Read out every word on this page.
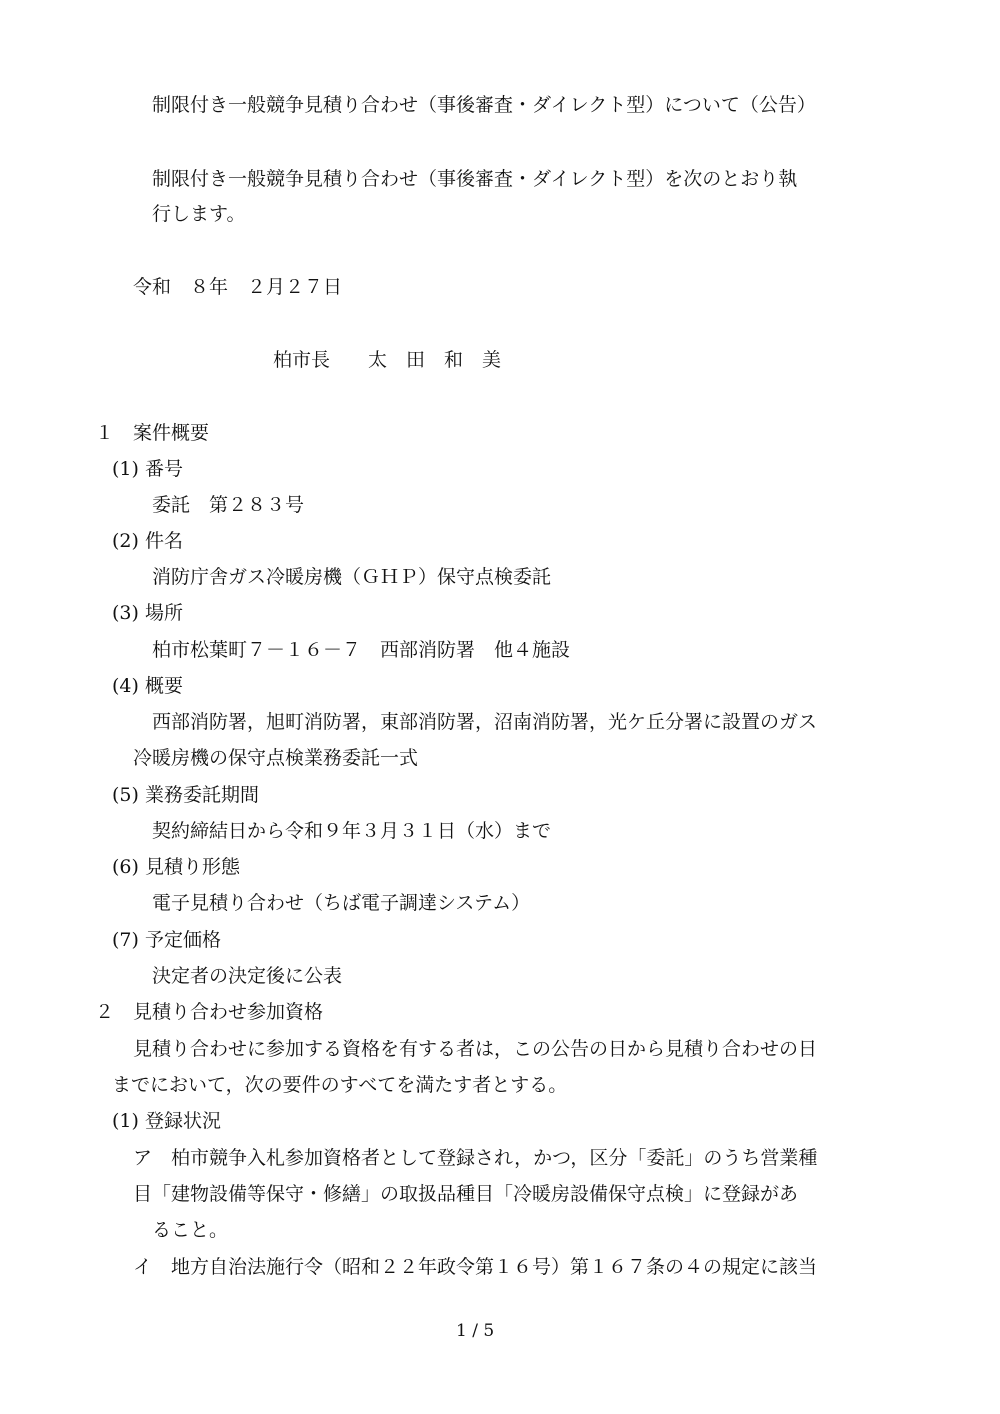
制限付き一般競争見積り合わせ（事後審査・ダイレクト型）について（公告）
制限付き一般競争見積り合わせ（事後審査・ダイレクト型）を次のとおり執
行します。
令和　８年　２月２７日
柏市長　　太　田　和　美
１　案件概要
(1) 番号
委託　第２８３号
(2) 件名
消防庁舎ガス冷暖房機（ＧＨＰ）保守点検委託
(3) 場所
柏市松葉町７－１６－７　西部消防署　他４施設
(4) 概要
西部消防署，旭町消防署，東部消防署，沼南消防署，光ケ丘分署に設置のガス
冷暖房機の保守点検業務委託一式
(5) 業務委託期間
契約締結日から令和９年３月３１日（水）まで
(6) 見積り形態
電子見積り合わせ（ちば電子調達システム）
(7) 予定価格
決定者の決定後に公表
２　見積り合わせ参加資格
見積り合わせに参加する資格を有する者は，この公告の日から見積り合わせの日
までにおいて，次の要件のすべてを満たす者とする。
(1) 登録状況
ア　柏市競争入札参加資格者として登録され，かつ，区分「委託」のうち営業種
目「建物設備等保守・修繕」の取扱品種目「冷暖房設備保守点検」に登録があ
ること。
イ　地方自治法施行令（昭和２２年政令第１６号）第１６７条の４の規定に該当
1 / 5
